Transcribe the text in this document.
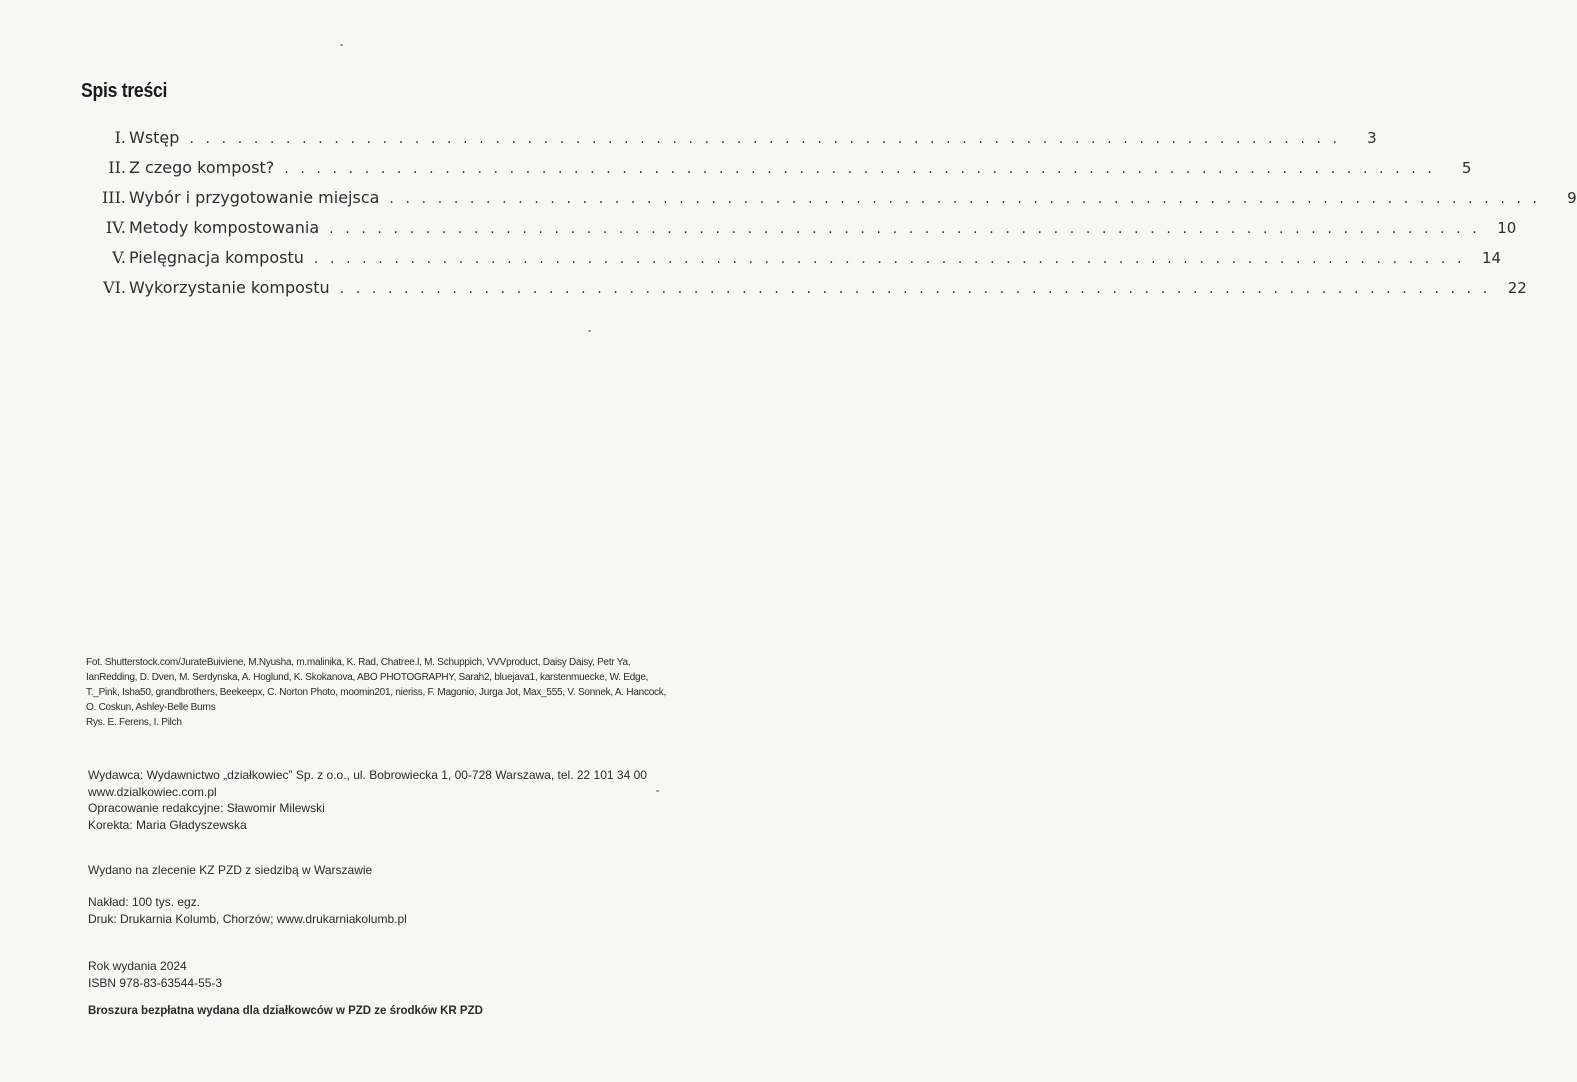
Spis treści
I. Wstęp . . . . . . . . . . . . . . . . . . . . . . . . . . . . . . . . . . . . . . . . . . . . . . . . . . . . . . . . . . . . . . . . . . . . . . . .	3
II. Z czego kompost? . . . . . . . . . . . . . . . . . . . . . . . . . . . . . . . . . . . . . . . . . . . . . . . . . . . . . . . . . . . . . . . . . . . . . . . .	5
III. Wybór i przygotowanie miejsca . . . . . . . . . . . . . . . . . . . . . . . . . . . . . . . . . . . . . . . . . . . . . . . . . . . . . . . . . . . . . . . . . . . . . . . .	9
IV. Metody kompostowania . . . . . . . . . . . . . . . . . . . . . . . . . . . . . . . . . . . . . . . . . . . . . . . . . . . . . . . . . . . . . . . . . . . . . . . .	10
V. Pielęgnacja kompostu . . . . . . . . . . . . . . . . . . . . . . . . . . . . . . . . . . . . . . . . . . . . . . . . . . . . . . . . . . . . . . . . . . . . . . . .	14
VI. Wykorzystanie kompostu . . . . . . . . . . . . . . . . . . . . . . . . . . . . . . . . . . . . . . . . . . . . . . . . . . . . . . . . . . . . . . . . . . . . . . . .	22

Fot. Shutterstock.com/JurateBuiviene, M.Nyusha, m.malinika, K. Rad, Chatree.l, M. Schuppich, VVVproduct, Daisy Daisy, Petr Ya,

IanRedding, D. Dven, M. Serdynska, A. Hoglund, K. Skokanova, ABO PHOTOGRAPHY, Sarah2, bluejava1, karstenmuecke, W. Edge,

T._Pink, Isha50, grandbrothers, Beekeepx, C. Norton Photo, moomin201, nieriss, F. Magonio, Jurga Jot, Max_555, V. Sonnek, A. Hancock,

O. Coskun, Ashley-Belle Burns

Rys. E. Ferens, I. Pilch

Wydawca: Wydawnictwo „działkowiec” Sp. z o.o., ul. Bobrowiecka 1, 00-728 Warszawa, tel. 22 101 34 00

www.dzialkowiec.com.pl

Opracowanie redakcyjne: Sławomir Milewski

Korekta: Maria Gładyszewska

Wydano na zlecenie KZ PZD z siedzibą w Warszawie

Nakład: 100 tys. egz.

Druk: Drukarnia Kolumb, Chorzów; www.drukarniakolumb.pl

Rok wydania 2024

ISBN 978-83-63544-55-3

Broszura bezpłatna wydana dla działkowców w PZD ze środków KR PZD
